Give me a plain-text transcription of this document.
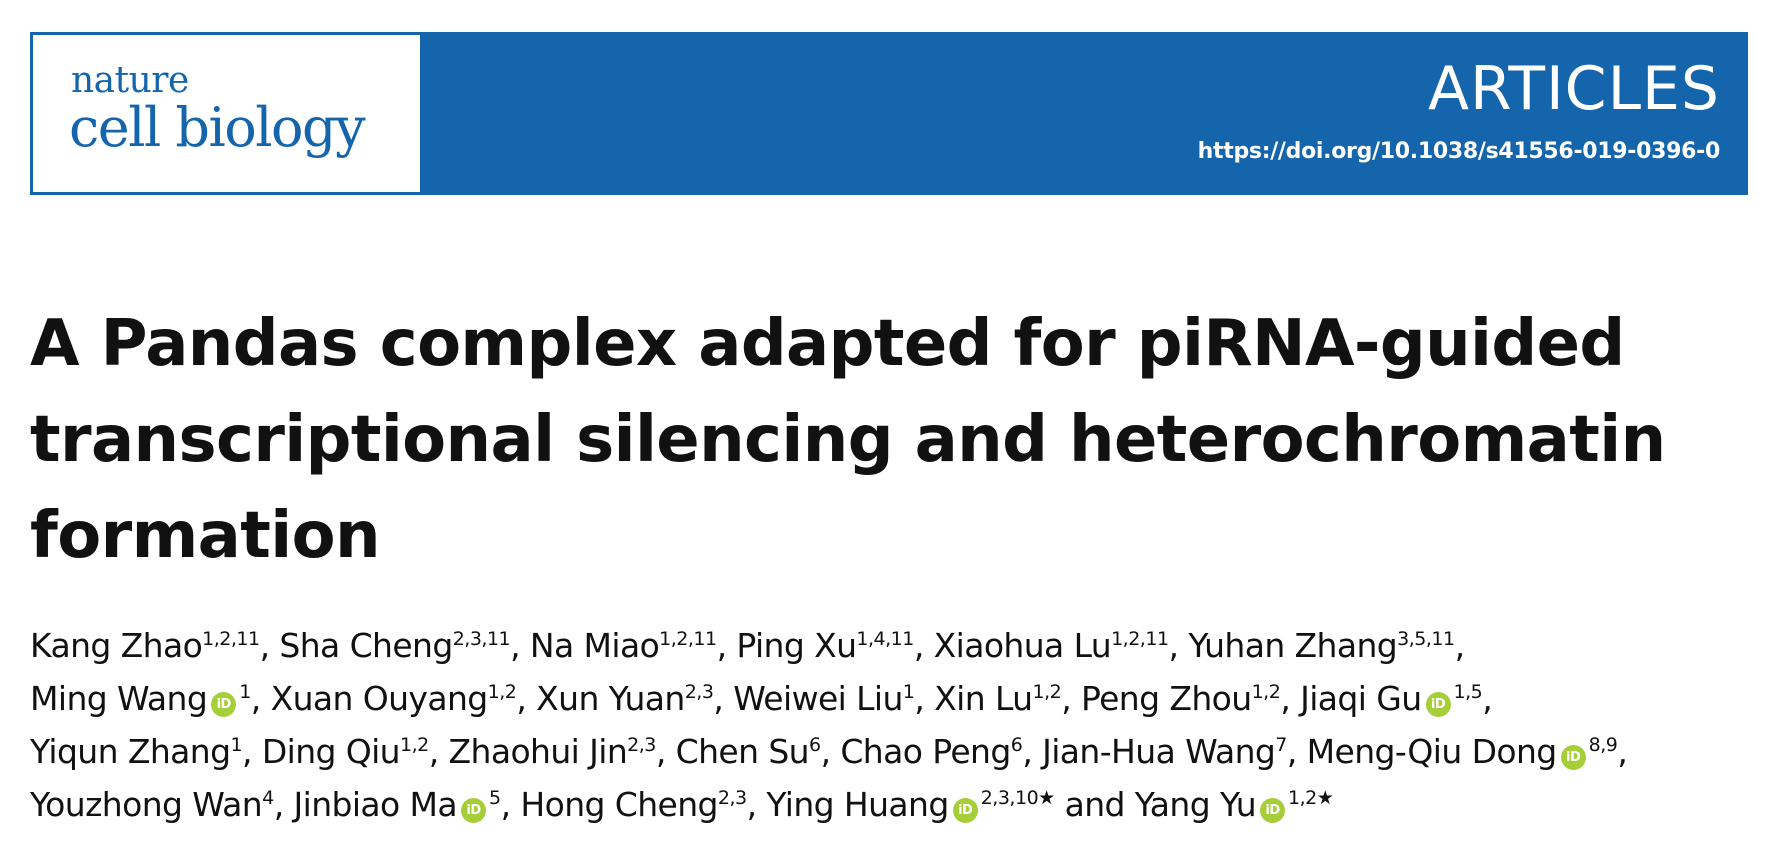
nature
cell biology
ARTICLES
https://doi.org/10.1038/s41556-019-0396-0
A Pandas complex adapted for piRNA-guided transcriptional silencing and heterochromatin formation
Kang Zhao$^{1,2,11}$, Sha Cheng$^{2,3,11}$, Na Miao$^{1,2,11}$, Ping Xu$^{1,4,11}$, Xiaohua Lu$^{1,2,11}$, Yuhan Zhang$^{3,5,11}$,
Ming Wang $iD^1$, Xuan Ouyang$^{1,2}$, Xun Yuan$^{2,3}$, Weiwei Liu$^1$, Xin Lu$^{1,2}$, Peng Zhou$^{1,2}$, Jiaqi Gu iD$^{1,5}$,
Yiqun Zhang$^1$, Ding Qiu$^{1,2}$, Zhaohui Jin$^{2,3}$, Chen Su$^6$, Chao Peng$^6$, Jian-Hua Wang$^7$, Meng-Qiu Dong iD$^{8,9}$,
Youzhong Wan$^4$, Jinbiao Ma $iD^5$, Hong Cheng$^{2,3}$, Ying Huang $iD^{2,3,10★}$ and Yang Yu $iD^{1,2★}$
